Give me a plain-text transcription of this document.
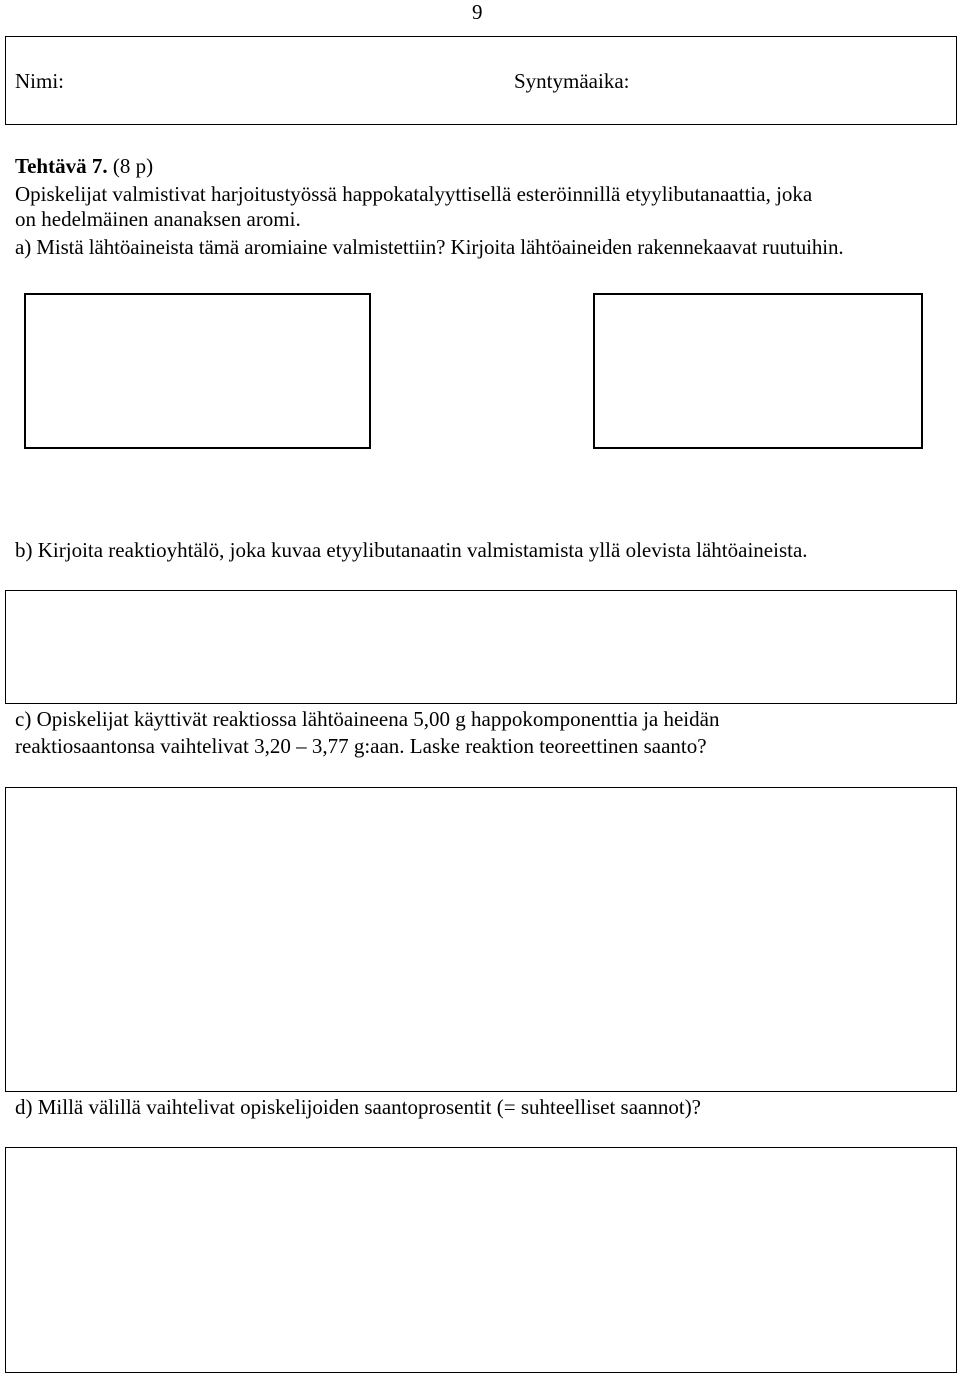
9
Nimi:	Syntymäaika:
Tehtävä 7. (8 p)
Opiskelijat valmistivat harjoitustyössä happokatalyyttisellä esteröinnillä etyylibutanaattia, joka
on hedelmäinen ananaksen aromi.
a) Mistä lähtöaineista tämä aromiaine valmistettiin? Kirjoita lähtöaineiden rakennekaavat ruutuihin.
b) Kirjoita reaktioyhtälö, joka kuvaa etyylibutanaatin valmistamista yllä olevista lähtöaineista.
c) Opiskelijat käyttivät reaktiossa lähtöaineena 5,00 g happokomponenttia ja heidän
reaktiosaantonsa vaihtelivat 3,20 – 3,77 g:aan. Laske reaktion teoreettinen saanto?
d) Millä välillä vaihtelivat opiskelijoiden saantoprosentit (= suhteelliset saannot)?
